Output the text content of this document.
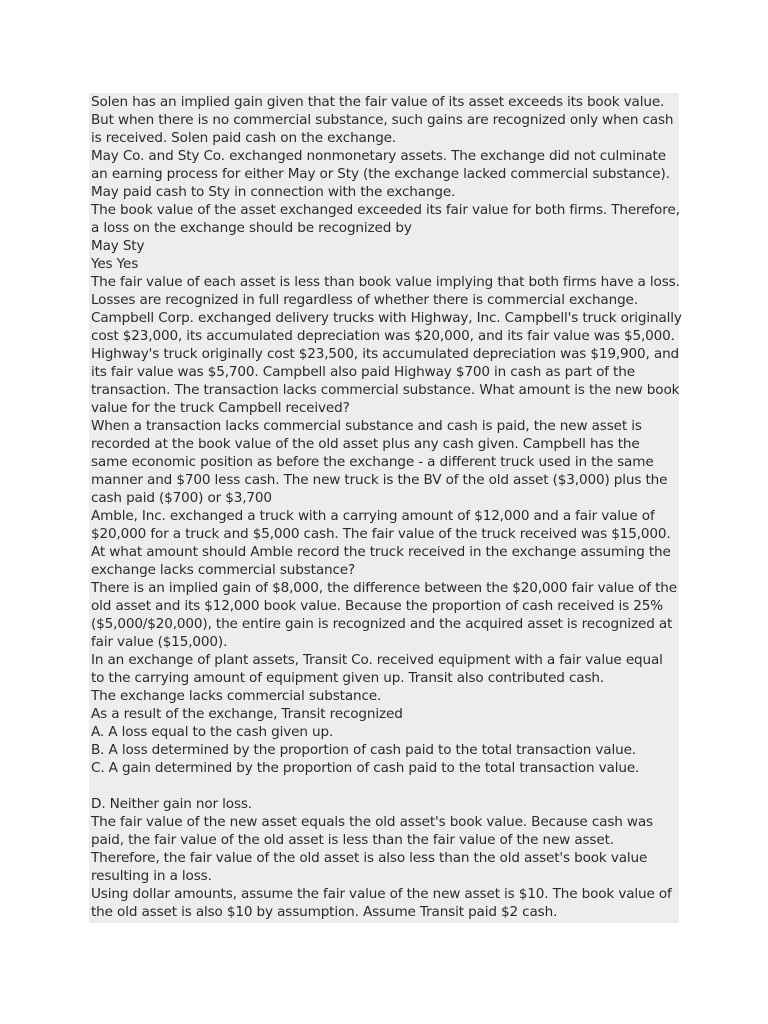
Solen has an implied gain given that the fair value of its asset exceeds its book value.
But when there is no commercial substance, such gains are recognized only when cash
is received. Solen paid cash on the exchange.
May Co. and Sty Co. exchanged nonmonetary assets. The exchange did not culminate
an earning process for either May or Sty (the exchange lacked commercial substance).
May paid cash to Sty in connection with the exchange.
The book value of the asset exchanged exceeded its fair value for both firms. Therefore,
a loss on the exchange should be recognized by
May Sty
Yes Yes
The fair value of each asset is less than book value implying that both firms have a loss.
Losses are recognized in full regardless of whether there is commercial exchange.
Campbell Corp. exchanged delivery trucks with Highway, Inc. Campbell's truck originally
cost $23,000, its accumulated depreciation was $20,000, and its fair value was $5,000.
Highway's truck originally cost $23,500, its accumulated depreciation was $19,900, and
its fair value was $5,700. Campbell also paid Highway $700 in cash as part of the
transaction. The transaction lacks commercial substance. What amount is the new book
value for the truck Campbell received?
When a transaction lacks commercial substance and cash is paid, the new asset is
recorded at the book value of the old asset plus any cash given. Campbell has the
same economic position as before the exchange - a different truck used in the same
manner and $700 less cash. The new truck is the BV of the old asset ($3,000) plus the
cash paid ($700) or $3,700
Amble, Inc. exchanged a truck with a carrying amount of $12,000 and a fair value of
$20,000 for a truck and $5,000 cash. The fair value of the truck received was $15,000.
At what amount should Amble record the truck received in the exchange assuming the
exchange lacks commercial substance?
There is an implied gain of $8,000, the difference between the $20,000 fair value of the
old asset and its $12,000 book value. Because the proportion of cash received is 25%
($5,000/$20,000), the entire gain is recognized and the acquired asset is recognized at
fair value ($15,000).
In an exchange of plant assets, Transit Co. received equipment with a fair value equal
to the carrying amount of equipment given up. Transit also contributed cash.
The exchange lacks commercial substance.
As a result of the exchange, Transit recognized
A. A loss equal to the cash given up.
B. A loss determined by the proportion of cash paid to the total transaction value.
C. A gain determined by the proportion of cash paid to the total transaction value.
D. Neither gain nor loss.
The fair value of the new asset equals the old asset's book value. Because cash was
paid, the fair value of the old asset is less than the fair value of the new asset.
Therefore, the fair value of the old asset is also less than the old asset's book value
resulting in a loss.
Using dollar amounts, assume the fair value of the new asset is $10. The book value of
the old asset is also $10 by assumption. Assume Transit paid $2 cash.
